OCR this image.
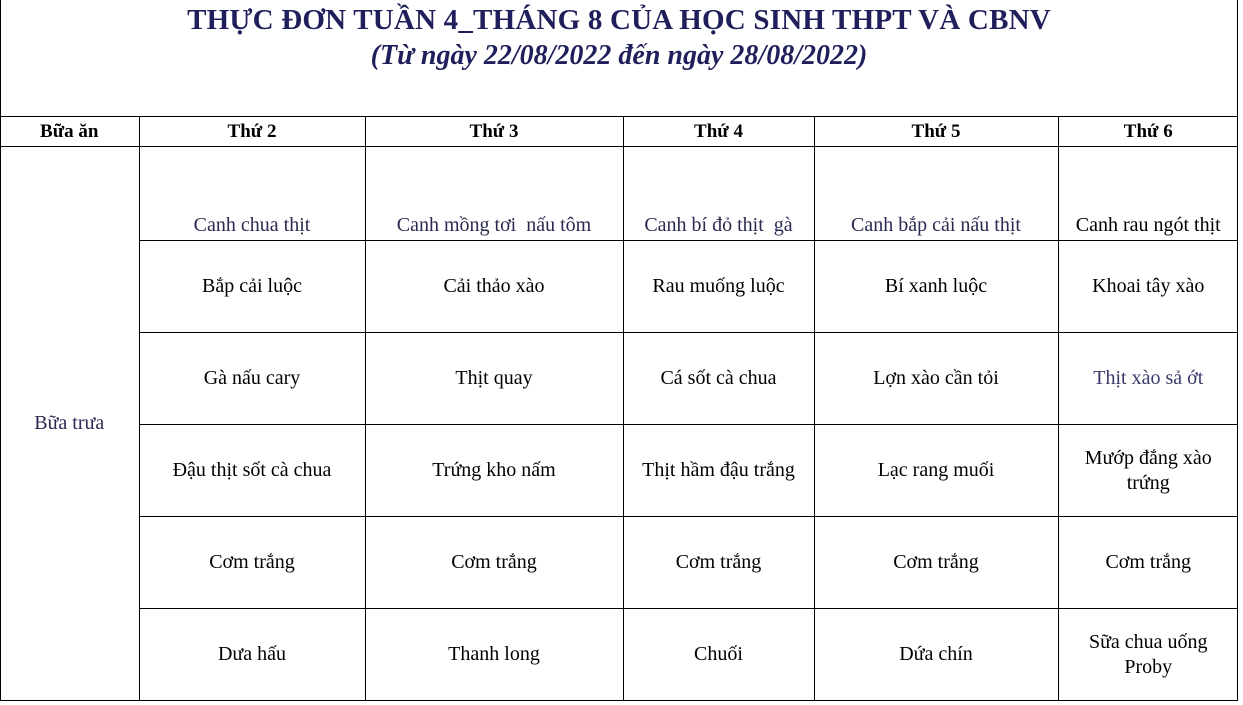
THỰC ĐƠN TUẦN 4_THÁNG 8 CỦA HỌC SINH THPT VÀ CBNV
(Từ ngày 22/08/2022 đến ngày 28/08/2022)
Bữa ăn	Thứ 2	Thứ 3	Thứ 4	Thứ 5	Thứ 6
Bữa trưa	Canh chua thịt	Canh mồng tơi  nấu tôm	Canh bí đỏ thịt  gà	Canh bắp cải nấu thịt	Canh rau ngót thịt
	Bắp cải luộc	Cải thảo xào	Rau muống luộc	Bí xanh luộc	Khoai tây xào
	Gà nấu cary	Thịt quay	Cá sốt cà chua	Lợn xào cần tỏi	Thịt xào sả ớt
	Đậu thịt sốt cà chua	Trứng kho nấm	Thịt hầm đậu trắng	Lạc rang muối	Mướp đắng xào trứng
	Cơm trắng	Cơm trắng	Cơm trắng	Cơm trắng	Cơm trắng
	Dưa hấu	Thanh long	Chuối	Dứa chín	Sữa chua uống Proby
